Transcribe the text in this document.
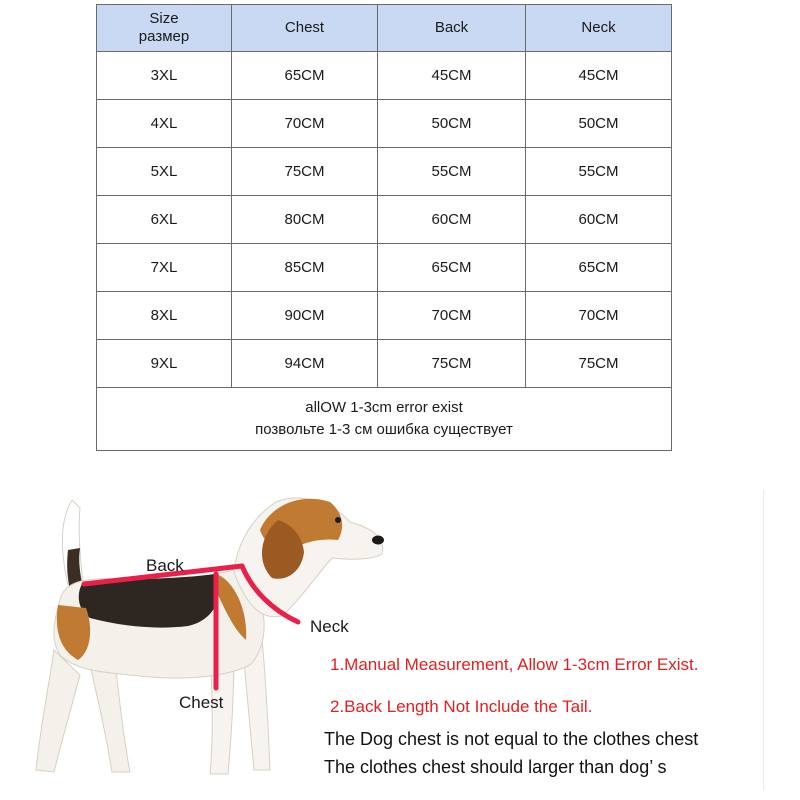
Size
размер	Chest	Back	Neck
3XL	65CM	45CM	45CM
4XL	70CM	50CM	50CM
5XL	75CM	55CM	55CM
6XL	80CM	60CM	60CM
7XL	85CM	65CM	65CM
8XL	90CM	70CM	70CM
9XL	94CM	75CM	75CM

allOW 1-3cm error exist
позвольте 1-3 см ошибка существует			
Back
Neck
Chest
1.Manual Measurement, Allow 1-3cm Error Exist.
2.Back Length Not Include the Tail.
The Dog chest is not equal to the clothes chest
The clothes chest should larger than dog’ s
